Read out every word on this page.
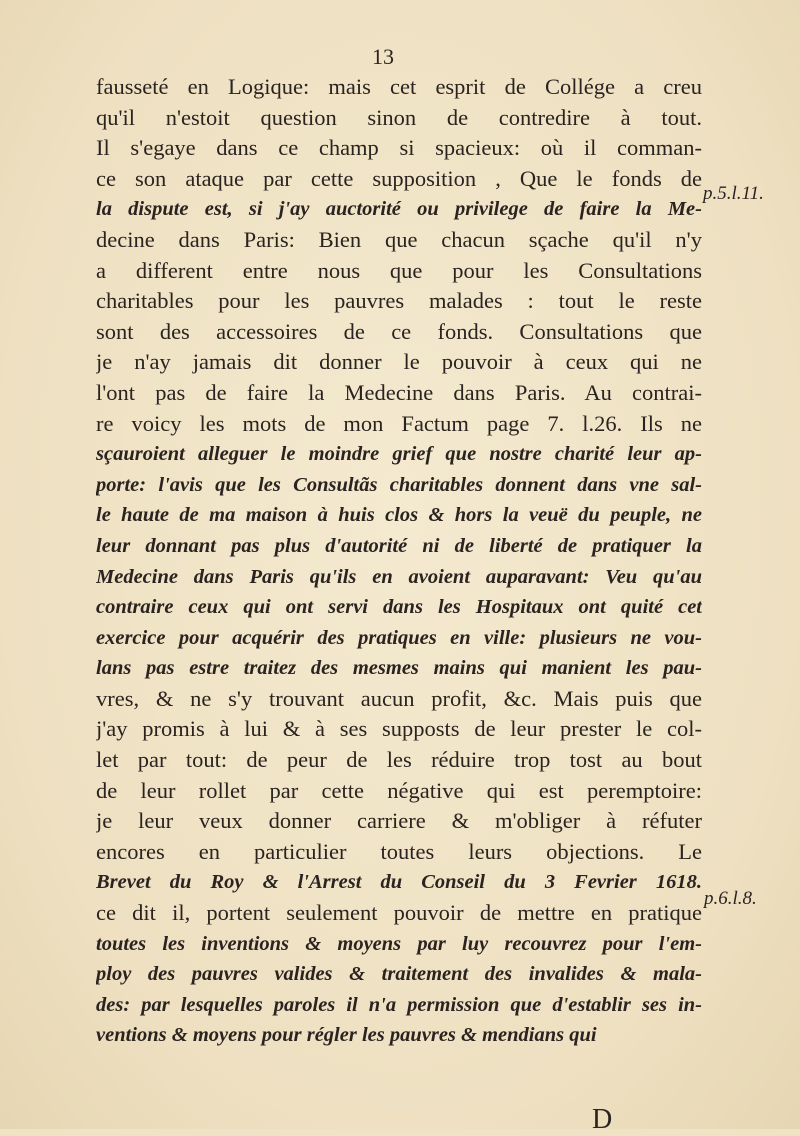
13
fausseté en Logique: mais cet esprit de Collége a creu
qu'il n'estoit question sinon de contredire à tout.
Il s'egaye dans ce champ si spacieux: où il comman-
ce son ataque par cette supposition , Que le fonds de
la dispute est, si j'ay auctorité ou privilege de faire la Me-
decine dans Paris: Bien que chacun sçache qu'il n'y
a different entre nous que pour les Consultations
charitables pour les pauvres malades : tout le reste
sont des accessoires de ce fonds. Consultations que
je n'ay jamais dit donner le pouvoir à ceux qui ne
l'ont pas de faire la Medecine dans Paris. Au contrai-
re voicy les mots de mon Factum page 7. l.26. Ils ne
sçauroient alleguer le moindre grief que nostre charité leur ap-
porte: l'avis que les Consultãs charitables donnent dans vne sal-
le haute de ma maison à huis clos & hors la veuë du peuple, ne
leur donnant pas plus d'autorité ni de liberté de pratiquer la
Medecine dans Paris qu'ils en avoient auparavant: Veu qu'au
contraire ceux qui ont servi dans les Hospitaux ont quité cet
exercice pour acquérir des pratiques en ville: plusieurs ne vou-
lans pas estre traitez des mesmes mains qui manient les pau-
vres, & ne s'y trouvant aucun profit, &c. Mais puis que
j'ay promis à lui & à ses supposts de leur prester le col-
let par tout: de peur de les réduire trop tost au bout
de leur rollet par cette négative qui est peremptoire:
je leur veux donner carriere & m'obliger à réfuter
encores en particulier toutes leurs objections. Le
Brevet du Roy & l'Arrest du Conseil du 3 Fevrier 1618.
ce dit il, portent seulement pouvoir de mettre en pratique
toutes les inventions & moyens par luy recouvrez pour l'em-
ploy des pauvres valides & traitement des invalides & mala-
des: par lesquelles paroles il n'a permission que d'establir ses in-
ventions & moyens pour régler les pauvres & mendians qui
p.5.l.11.
p.6.l.8.
D
